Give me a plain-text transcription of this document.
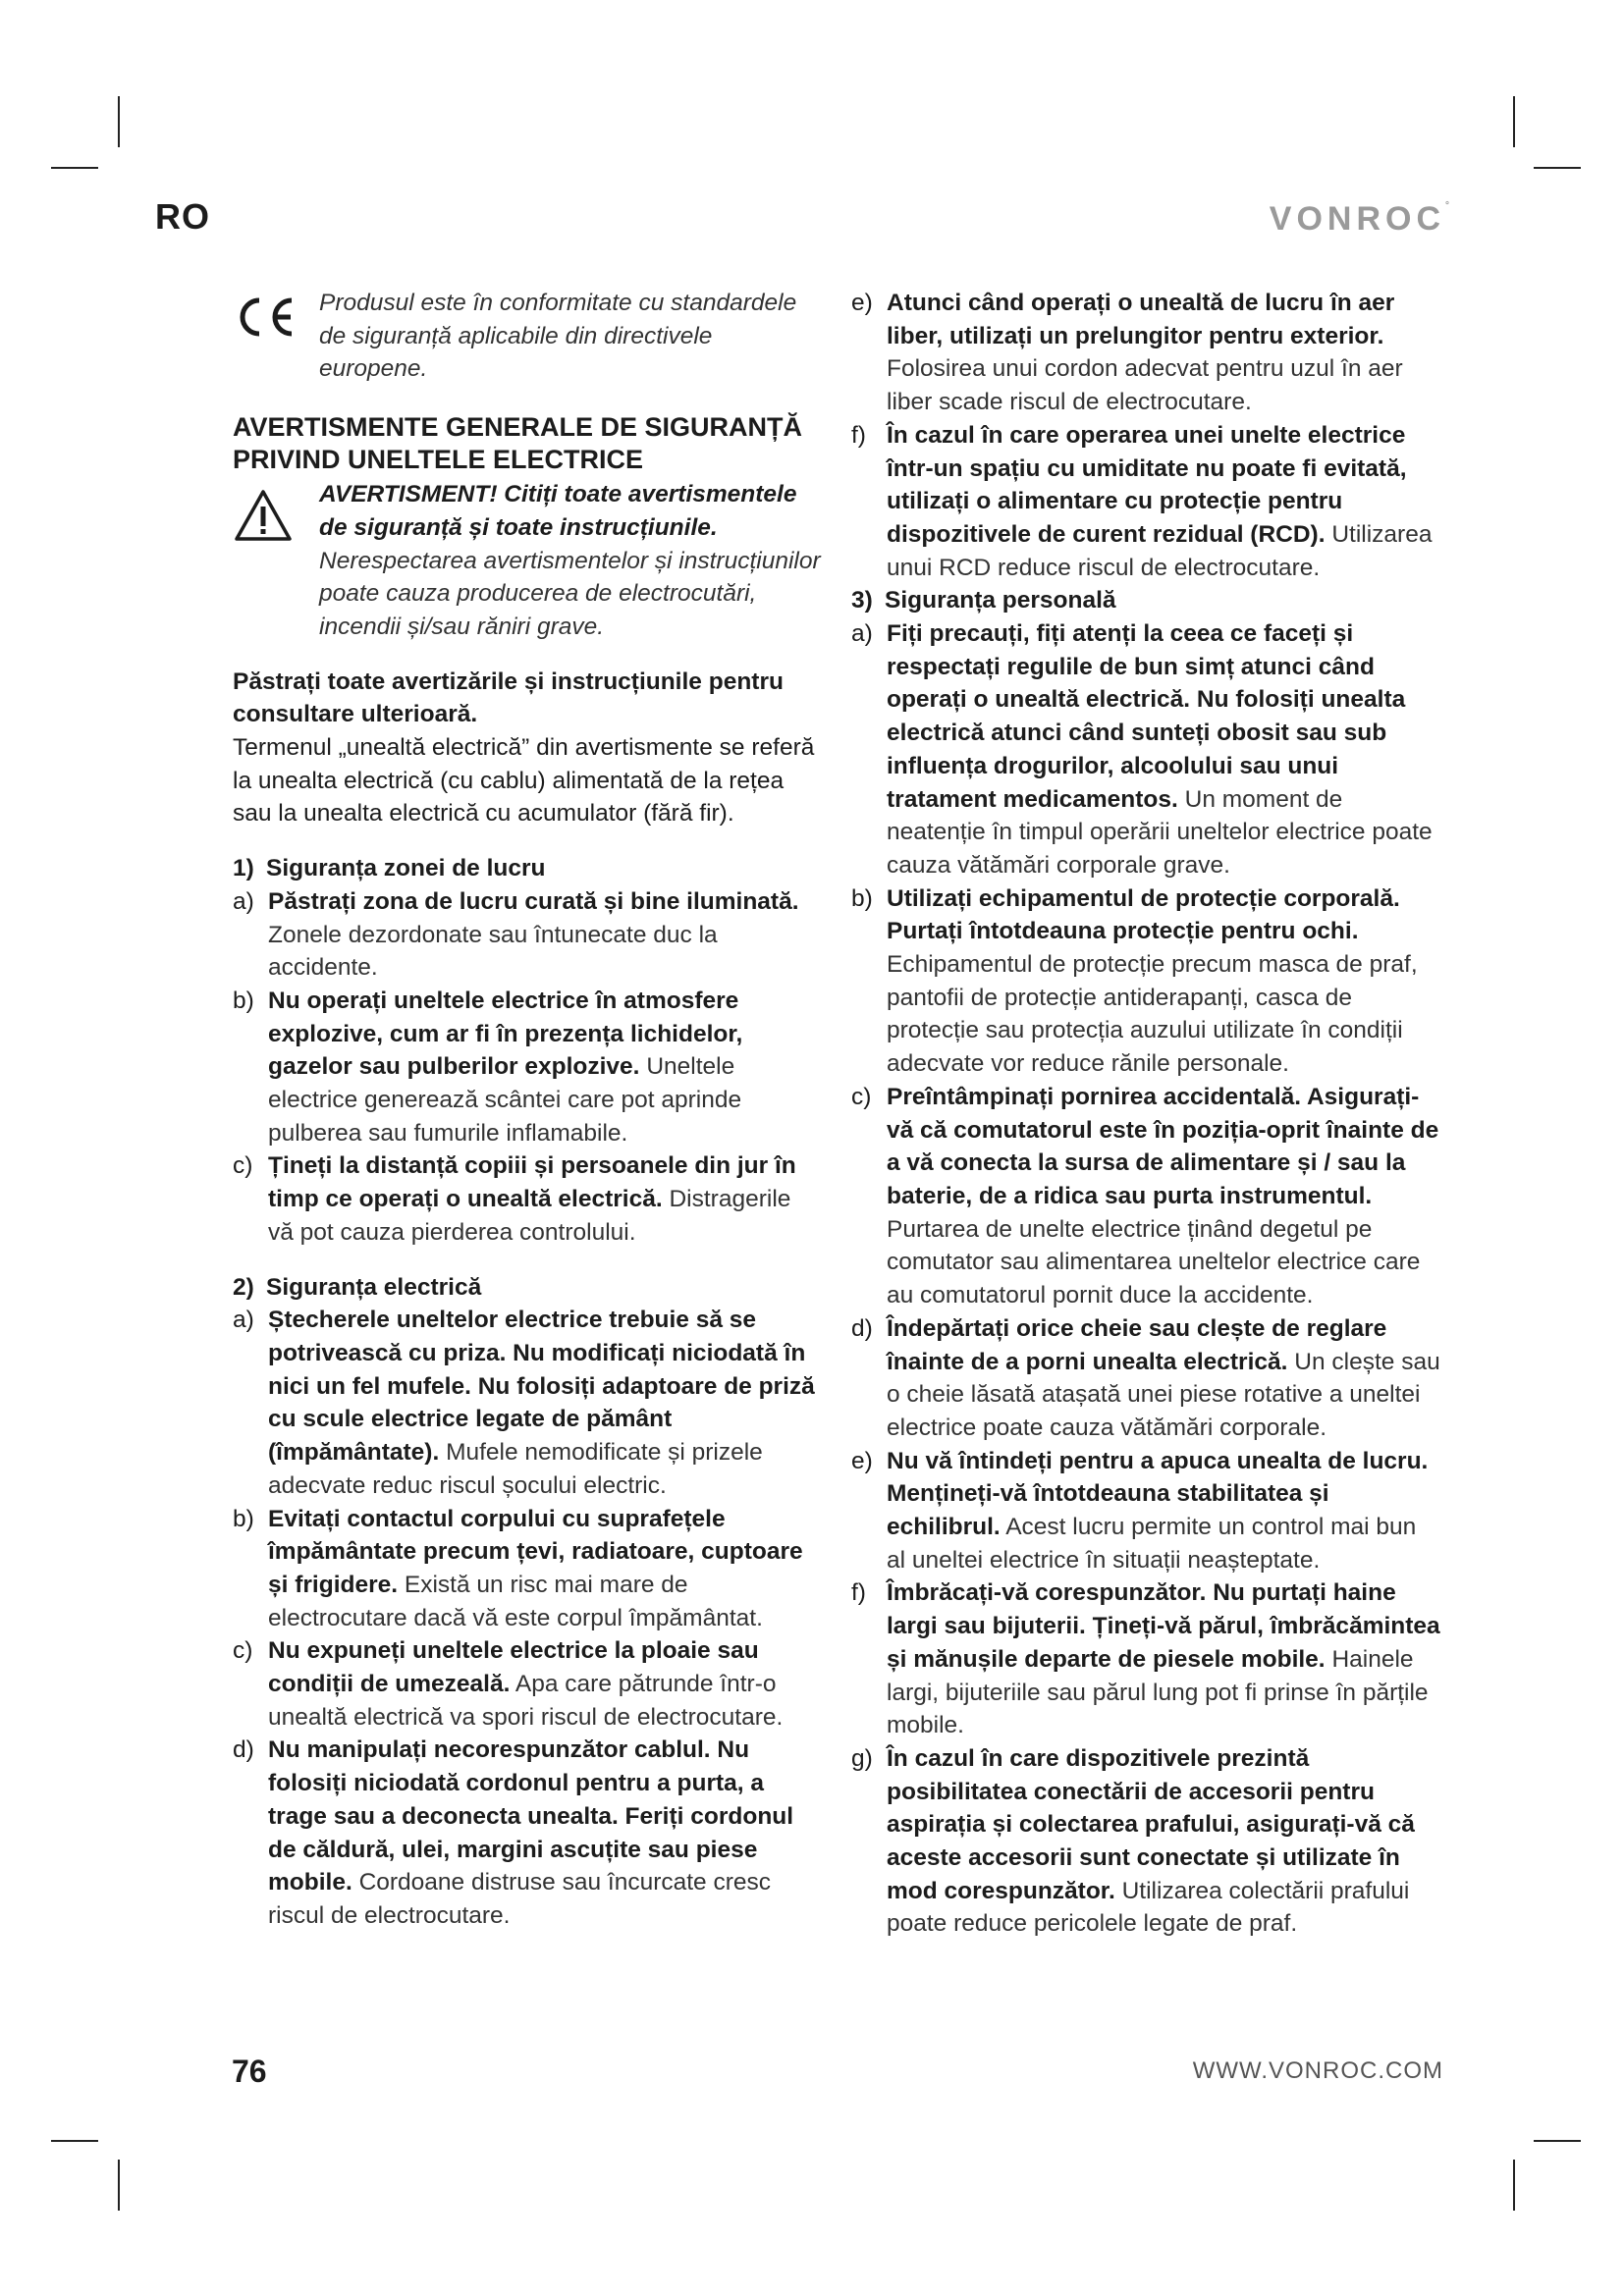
RO	VONROC°

Produsul este în conformitate cu standardele de siguranță aplicabile din directivele europene.

AVERTISMENTE GENERALE DE SIGURANȚĂ PRIVIND UNELTELE ELECTRICE

AVERTISMENT! Citiți toate avertismentele de siguranță și toate instrucțiunile.

Nerespectarea avertismentelor și instrucțiunilor poate cauza producerea de electrocutări, incendii și/sau răniri grave.

Păstrați toate avertizările și instrucțiunile pentru consultare ulterioară.

Termenul „unealtă electrică” din avertismente se referă la unealta electrică (cu cablu) alimentată de la rețea sau la unealta electrică cu acumulator (fără fir).

1) Siguranța zonei de lucru
a) Păstrați zona de lucru curată și bine iluminată. Zonele dezordonate sau întunecate duc la accidente.
b) Nu operați uneltele electrice în atmosfere explozive, cum ar fi în prezența lichidelor, gazelor sau pulberilor explozive. Uneltele electrice generează scântei care pot aprinde pulberea sau fumurile inflamabile.
c) Țineți la distanță copiii și persoanele din jur în timp ce operați o unealtă electrică. Distragerile vă pot cauza pierderea controlului.
2) Siguranța electrică
a) Ștecherele uneltelor electrice trebuie să se potrivească cu priza. Nu modificați niciodată în nici un fel mufele. Nu folosiți adaptoare de priză cu scule electrice legate de pământ (împământate). Mufele nemodificate și prizele adecvate reduc riscul șocului electric.
b) Evitați contactul corpului cu suprafețele împământate precum țevi, radiatoare, cuptoare și frigidere. Există un risc mai mare de electrocutare dacă vă este corpul împământat.
c) Nu expuneți uneltele electrice la ploaie sau condiții de umezeală. Apa care pătrunde într-o unealtă electrică va spori riscul de electrocutare.
d) Nu manipulați necorespunzător cablul. Nu folosiți niciodată cordonul pentru a purta, a trage sau a deconecta unealta. Feriți cordonul de căldură, ulei, margini ascuțite sau piese mobile. Cordoane distruse sau încurcate cresc riscul de electrocutare.
e) Atunci când operați o unealtă de lucru în aer liber, utilizați un prelungitor pentru exterior. Folosirea unui cordon adecvat pentru uzul în aer liber scade riscul de electrocutare.
f) În cazul în care operarea unei unelte electrice într-un spațiu cu umiditate nu poate fi evitată, utilizați o alimentare cu protecție pentru dispozitivele de curent rezidual (RCD). Utilizarea unui RCD reduce riscul de electrocutare.
3) Siguranța personală
a) Fiți precauți, fiți atenți la ceea ce faceți și respectați regulile de bun simț atunci când operați o unealtă electrică. Nu folosiți unealta electrică atunci când sunteți obosit sau sub influența drogurilor, alcoolului sau unui tratament medicamentos. Un moment de neatenție în timpul operării uneltelor electrice poate cauza vătămări corporale grave.
b) Utilizați echipamentul de protecție corporală. Purtați întotdeauna protecție pentru ochi. Echipamentul de protecție precum masca de praf, pantofii de protecție antiderapanți, casca de protecție sau protecția auzului utilizate în condiții adecvate vor reduce rănile personale.
c) Preîntâmpinați pornirea accidentală. Asigurați-vă că comutatorul este în poziția-oprit înainte de a vă conecta la sursa de alimentare și / sau la baterie, de a ridica sau purta instrumentul. Purtarea de unelte electrice ținând degetul pe comutator sau alimentarea uneltelor electrice care au comutatorul pornit duce la accidente.
d) Îndepărtați orice cheie sau clește de reglare înainte de a porni unealta electrică. Un clește sau o cheie lăsată atașată unei piese rotative a uneltei electrice poate cauza vătămări corporale.
e) Nu vă întindeți pentru a apuca unealta de lucru. Mențineți-vă întotdeauna stabilitatea și echilibrul. Acest lucru permite un control mai bun al uneltei electrice în situații neașteptate.
f) Îmbrăcați-vă corespunzător. Nu purtați haine largi sau bijuterii. Țineți-vă părul, îmbrăcămintea și mănușile departe de piesele mobile. Hainele largi, bijuteriile sau părul lung pot fi prinse în părțile mobile.
g) În cazul în care dispozitivele prezintă posibilitatea conectării de accesorii pentru aspirația și colectarea prafului, asigurați-vă că aceste accesorii sunt conectate și utilizate în mod corespunzător. Utilizarea colectării prafului poate reduce pericolele legate de praf.
76	WWW.VONROC.COM
